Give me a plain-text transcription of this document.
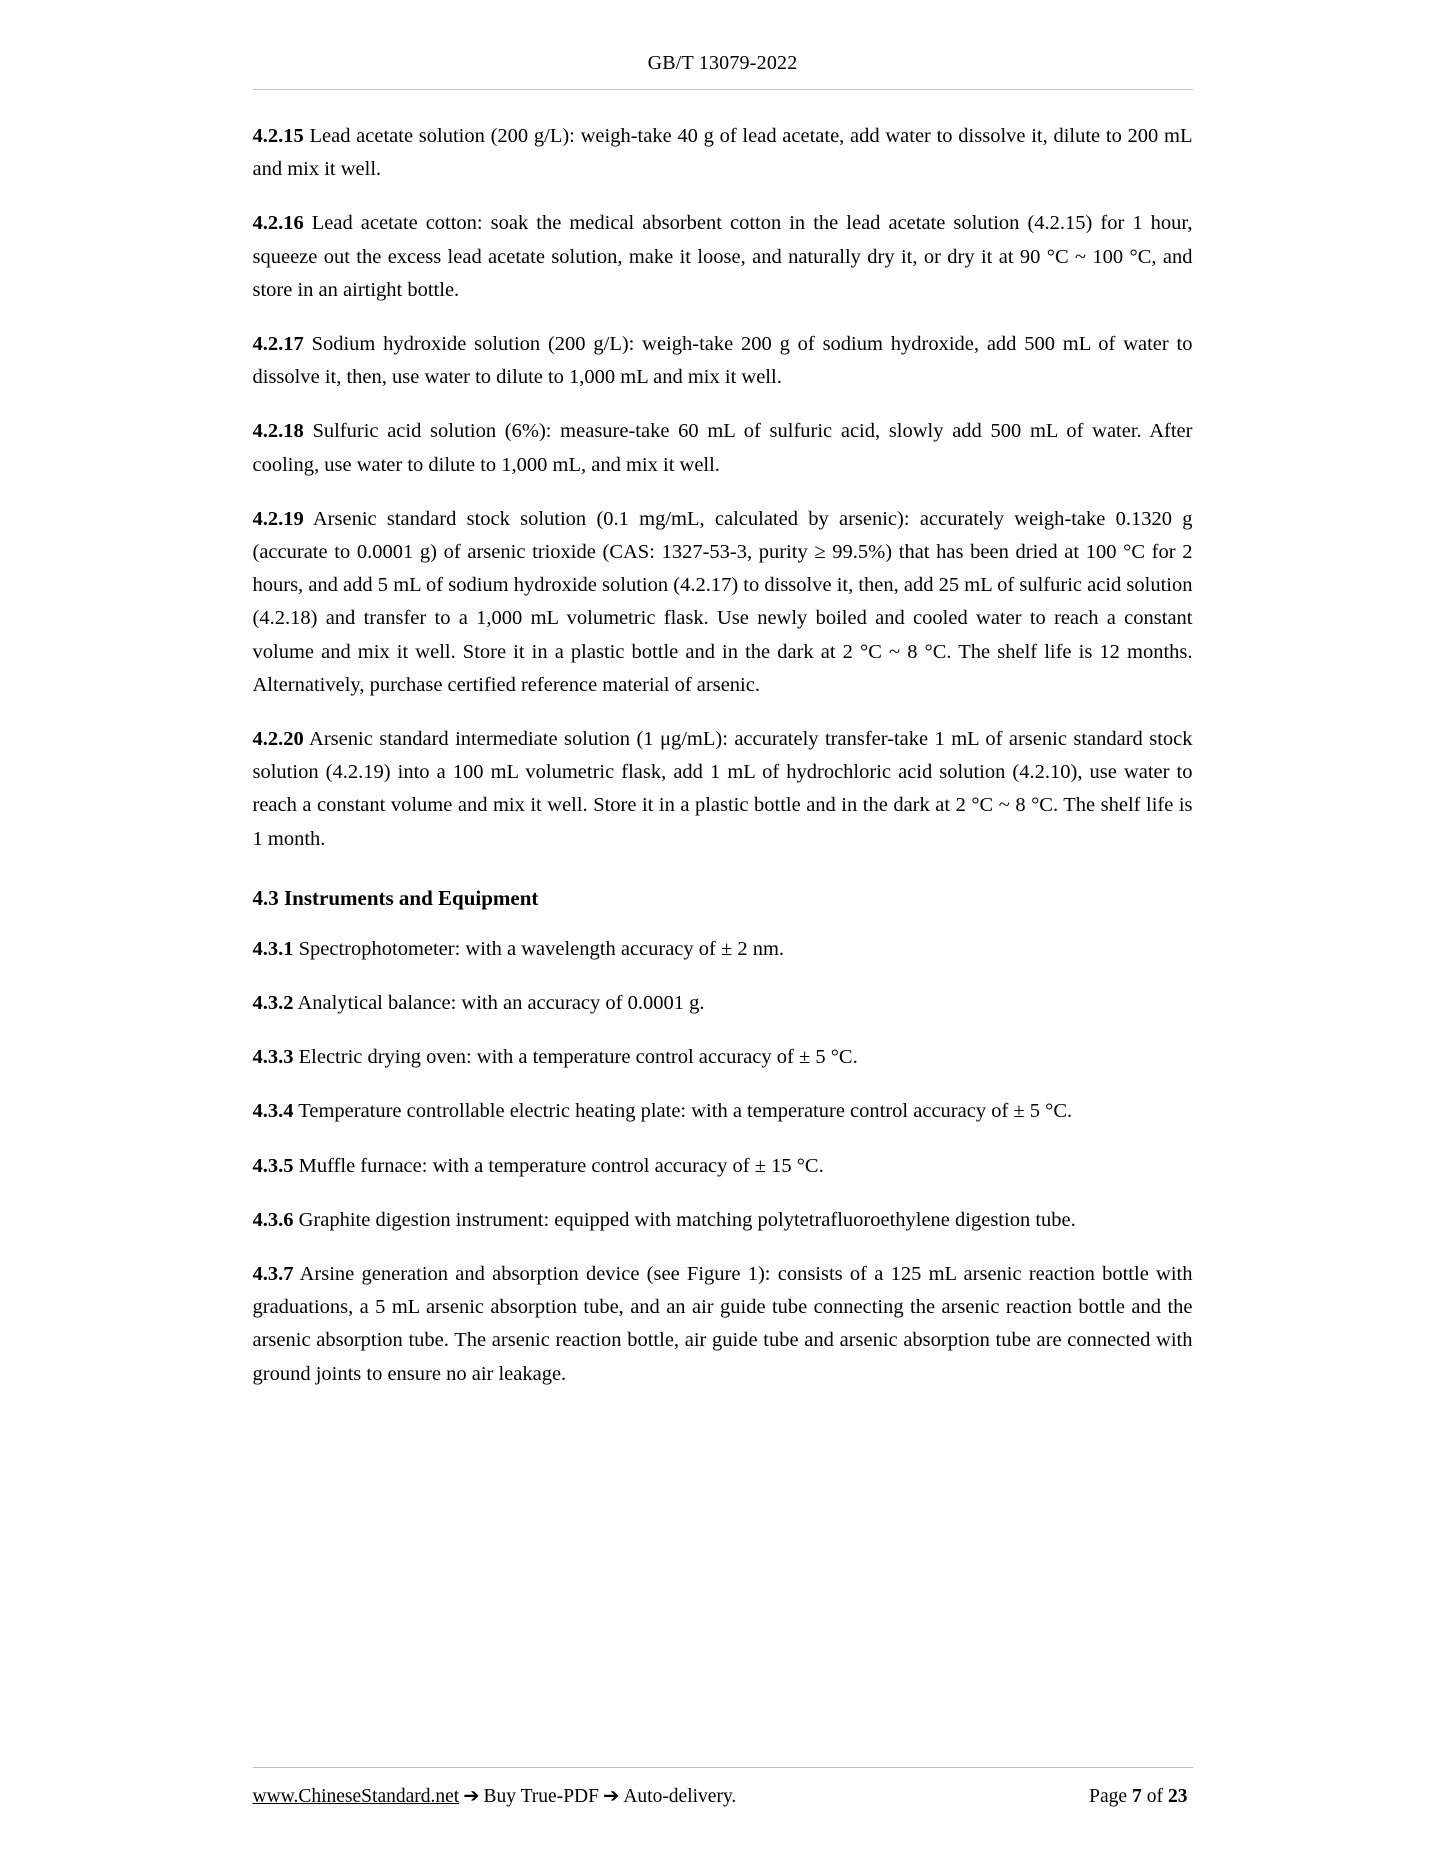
GB/T 13079-2022

4.2.15 Lead acetate solution (200 g/L): weigh-take 40 g of lead acetate, add water to dissolve it, dilute to 200 mL and mix it well.

4.2.16 Lead acetate cotton: soak the medical absorbent cotton in the lead acetate solution (4.2.15) for 1 hour, squeeze out the excess lead acetate solution, make it loose, and naturally dry it, or dry it at 90 °C ~ 100 °C, and store in an airtight bottle.

4.2.17 Sodium hydroxide solution (200 g/L): weigh-take 200 g of sodium hydroxide, add 500 mL of water to dissolve it, then, use water to dilute to 1,000 mL and mix it well.

4.2.18 Sulfuric acid solution (6%): measure-take 60 mL of sulfuric acid, slowly add 500 mL of water. After cooling, use water to dilute to 1,000 mL, and mix it well.

4.2.19 Arsenic standard stock solution (0.1 mg/mL, calculated by arsenic): accurately weigh-take 0.1320 g (accurate to 0.0001 g) of arsenic trioxide (CAS: 1327-53-3, purity ≥ 99.5%) that has been dried at 100 °C for 2 hours, and add 5 mL of sodium hydroxide solution (4.2.17) to dissolve it, then, add 25 mL of sulfuric acid solution (4.2.18) and transfer to a 1,000 mL volumetric flask. Use newly boiled and cooled water to reach a constant volume and mix it well. Store it in a plastic bottle and in the dark at 2 °C ~ 8 °C. The shelf life is 12 months. Alternatively, purchase certified reference material of arsenic.

4.2.20 Arsenic standard intermediate solution (1 μg/mL): accurately transfer-take 1 mL of arsenic standard stock solution (4.2.19) into a 100 mL volumetric flask, add 1 mL of hydrochloric acid solution (4.2.10), use water to reach a constant volume and mix it well. Store it in a plastic bottle and in the dark at 2 °C ~ 8 °C. The shelf life is 1 month.

4.3 Instruments and Equipment

4.3.1 Spectrophotometer: with a wavelength accuracy of ± 2 nm.

4.3.2 Analytical balance: with an accuracy of 0.0001 g.

4.3.3 Electric drying oven: with a temperature control accuracy of ± 5 °C.

4.3.4 Temperature controllable electric heating plate: with a temperature control accuracy of ± 5 °C.

4.3.5 Muffle furnace: with a temperature control accuracy of ± 15 °C.

4.3.6 Graphite digestion instrument: equipped with matching polytetrafluoroethylene digestion tube.

4.3.7 Arsine generation and absorption device (see Figure 1): consists of a 125 mL arsenic reaction bottle with graduations, a 5 mL arsenic absorption tube, and an air guide tube connecting the arsenic reaction bottle and the arsenic absorption tube. The arsenic reaction bottle, air guide tube and arsenic absorption tube are connected with ground joints to ensure no air leakage.

www.ChineseStandard.net ➔ Buy True-PDF ➔ Auto-delivery.	Page 7 of 23
